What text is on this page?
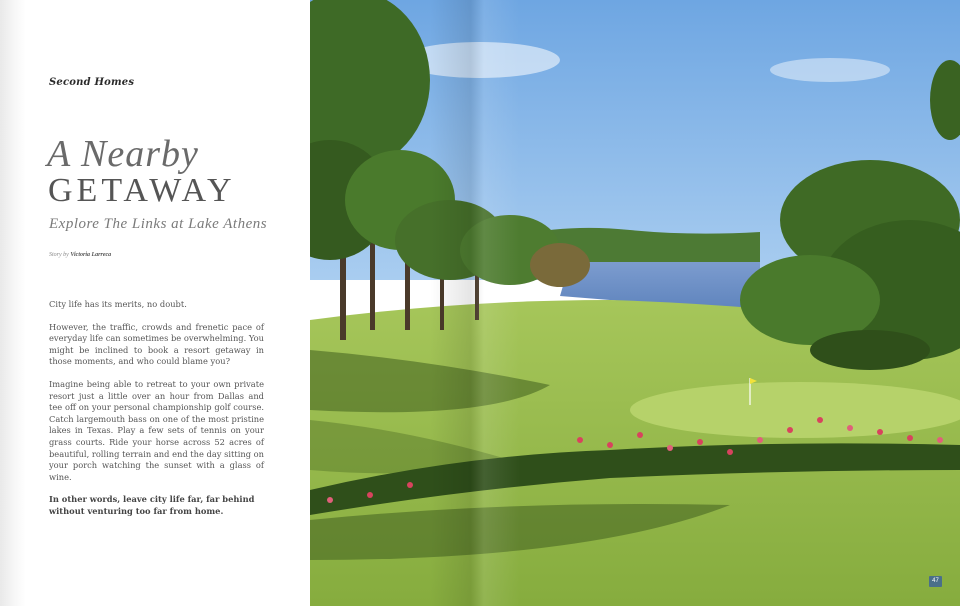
Second Homes
A Nearby
GETAWAY
Explore The Links at Lake Athens
Story by Victoria Larreca

City life has its merits, no doubt.

However, the traffic, crowds and frenetic pace of everyday life can sometimes be overwhelming. You might be inclined to book a resort getaway in those moments, and who could blame you?

Imagine being able to retreat to your own private resort just a little over an hour from Dallas and tee off on your personal championship golf course. Catch largemouth bass on one of the most pristine lakes in Texas. Play a few sets of tennis on your grass courts. Ride your horse across 52 acres of beautiful, rolling terrain and end the day sitting on your porch watching the sunset with a glass of wine.

In other words, leave city life far, far behind
without venturing too far from home.

47
